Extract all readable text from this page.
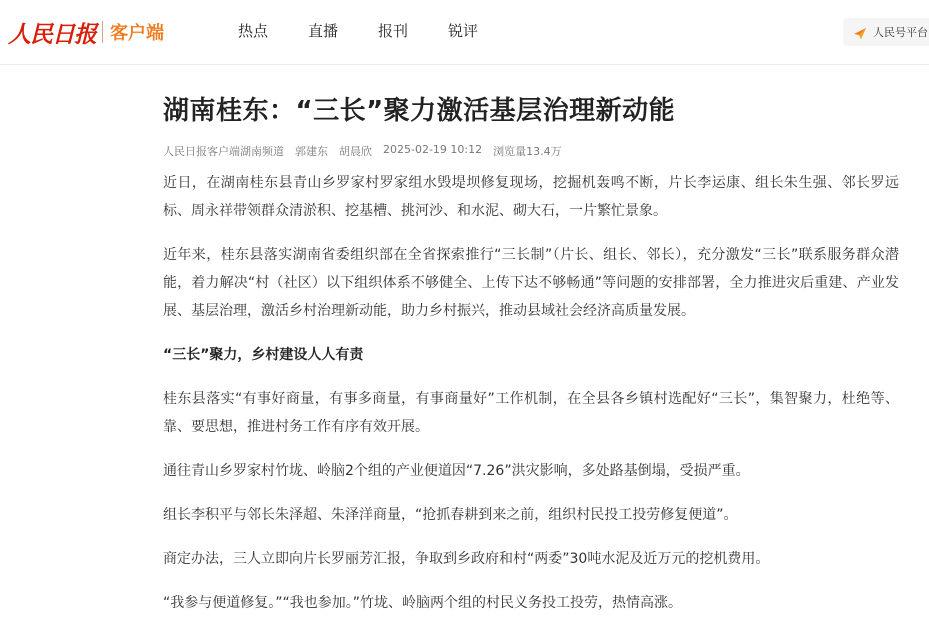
人民日报 客户端	热点	直播	报刊	锐评	人民号平台
湖南桂东：“三长”聚力激活基层治理新动能
人民日报客户端湖南频道 郭建东 胡晨欣 2025-02-19 10:12 浏览量13.4万

近日，在湖南桂东县青山乡罗家村罗家组水毁堤坝修复现场，挖掘机轰鸣不断，片长李运康、组长朱生强、邻长罗远标、周永祥带领群众清淤积、挖基槽、挑河沙、和水泥、砌大石，一片繁忙景象。

近年来，桂东县落实湖南省委组织部在全省探索推行“三长制”（片长、组长、邻长），充分激发“三长”联系服务群众潜能，着力解决“村（社区）以下组织体系不够健全、上传下达不够畅通”等问题的安排部署，全力推进灾后重建、产业发展、基层治理，激活乡村治理新动能，助力乡村振兴，推动县域社会经济高质量发展。

“三长”聚力，乡村建设人人有责

桂东县落实“有事好商量，有事多商量，有事商量好”工作机制，在全县各乡镇村选配好“三长”，集智聚力，杜绝等、靠、要思想，推进村务工作有序有效开展。

通往青山乡罗家村竹垅、岭脑2个组的产业便道因“7.26”洪灾影响，多处路基倒塌，受损严重。

组长李积平与邻长朱泽超、朱泽洋商量，“抢抓春耕到来之前，组织村民投工投劳修复便道”。

商定办法，三人立即向片长罗丽芳汇报，争取到乡政府和村“两委”30吨水泥及近万元的挖机费用。

“我参与便道修复。”“我也参加。”竹垅、岭脑两个组的村民义务投工投劳，热情高涨。
